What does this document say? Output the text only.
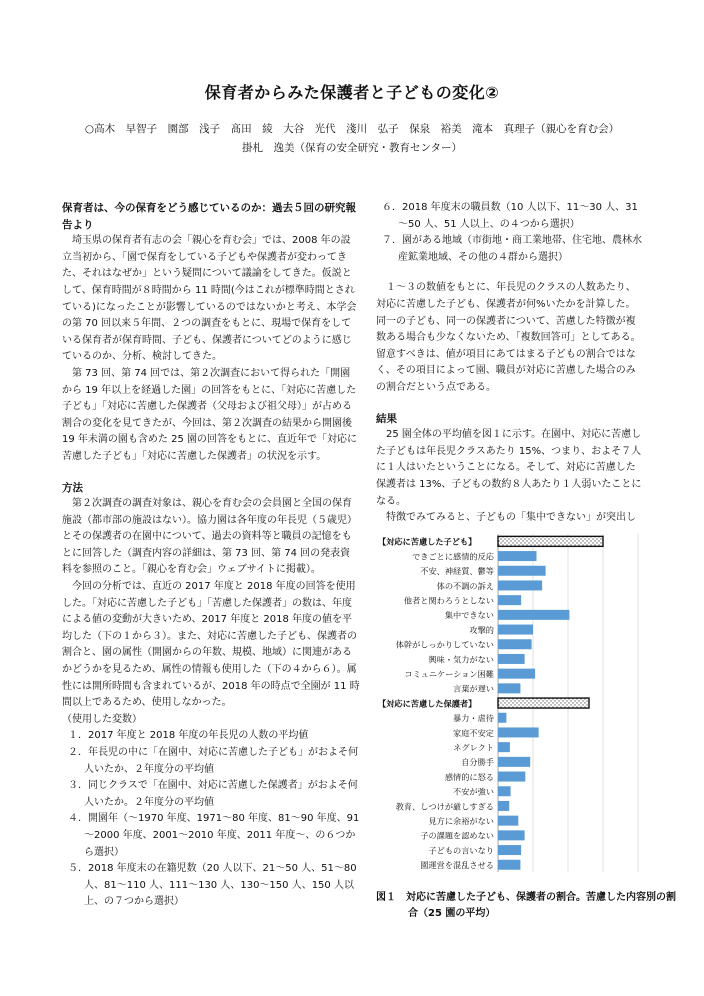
保育者からみた保護者と子どもの変化②
○高木　早智子　園部　浅子　髙田　綾　大谷　光代　淺川　弘子　保泉　裕美　滝本　真理子（親心を育む会）
掛札　逸美（保育の安全研究・教育センター）
保育者は、今の保育をどう感じているのか：過去５回の研究報告より

埼玉県の保育者有志の会「親心を育む会」では、2008 年の設立当初から、「園で保育をしている子どもや保護者が変わってきた、それはなぜか」という疑問について議論をしてきた。仮説として、保育時間が８時間から 11 時間(今はこれが標準時間とされている)になったことが影響しているのではないかと考え、本学会の第 70 回以来５年間、２つの調査をもとに、現場で保育をしている保育者が保育時間、子ども、保護者についてどのように感じているのか、分析、検討してきた。

第 73 回、第 74 回では、第２次調査において得られた「開園から 19 年以上を経過した園」の回答をもとに、「対応に苦慮した子ども」「対応に苦慮した保護者（父母および祖父母）」が占める割合の変化を見てきたが、今回は、第２次調査の結果から開園後 19 年未満の園も含めた 25 園の回答をもとに、直近年で「対応に苦慮した子ども」「対応に苦慮した保護者」の状況を示す。

方法

第２次調査の調査対象は、親心を育む会の会員園と全国の保育施設（都市部の施設はない）。協力園は各年度の年長児（５歳児）とその保護者の在園中について、過去の資料等と職員の記憶をもとに回答した（調査内容の詳細は、第 73 回、第 74 回の発表資料を参照のこと。「親心を育む会」ウェブサイトに掲載）。

今回の分析では、直近の 2017 年度と 2018 年度の回答を使用した。「対応に苦慮した子ども」「苦慮した保護者」の数は、年度による値の変動が大きいため、2017 年度と 2018 年度の値を平均した（下の１から３）。また、対応に苦慮した子ども、保護者の割合と、園の属性（開園からの年数、規模、地域）に関連があるかどうかを見るため、属性の情報も使用した（下の４から６）。属性には開所時間も含まれているが、2018 年の時点で全園が 11 時間以上であるため、使用しなかった。

（使用した変数）

１．2017 年度と 2018 年度の年長児の人数の平均値

２．年長児の中に「在園中、対応に苦慮した子ども」がおよそ何人いたか、２年度分の平均値

３．同じクラスで「在園中、対応に苦慮した保護者」がおよそ何人いたか。２年度分の平均値

４．開園年（～1970 年度、1971～80 年度、81～90 年度、91～2000 年度、2001～2010 年度、2011 年度～、の６つから選択）

５．2018 年度末の在籍児数（20 人以下、21～50 人、51～80 人、81～110 人、111～130 人、130～150 人、150 人以上、の７つから選択）

６．2018 年度末の職員数（10 人以下、11～30 人、31～50 人、51 人以上、の４つから選択）

７．園がある地域（市街地・商工業地帯、住宅地、農林水産鉱業地域、その他の４群から選択）

１～３の数値をもとに、年長児のクラスの人数あたり、対応に苦慮した子ども、保護者が何%いたかを計算した。同一の子ども、同一の保護者について、苦慮した特徴が複数ある場合も少なくないため、「複数回答可」としてある。留意すべきは、値が項目にあてはまる子どもの割合ではなく、その項目によって園、職員が対応に苦慮した場合のみの割合だという点である。

結果

25 園全体の平均値を図１に示す。在園中、対応に苦慮した子どもは年長児クラスあたり 15%、つまり、およそ７人に１人はいたということになる。そして、対応に苦慮した保護者は 13%、子どもの数約８人あたり１人弱いたことになる。

特徴でみてみると、子どもの「集中できない」が突出し

【対応に苦慮した子ども】
できごとに感情的反応
不安、神経質、鬱等
体の不調の訴え
他者と関わろうとしない
集中できない
攻撃的
体幹がしっかりしていない
興味・気力がない
コミュニケーション困難
言葉が遅い
【対応に苦慮した保護者】
暴力・虐待
家庭不安定
ネグレクト
自分勝手
感情的に怒る
不安が強い
教育、しつけが厳しすぎる
見方に余裕がない
子の課題を認めない
子どもの言いなり
園運営を混乱させる
図１　対応に苦慮した子ども、保護者の割合。苦慮した内容別の割合（25 園の平均）
